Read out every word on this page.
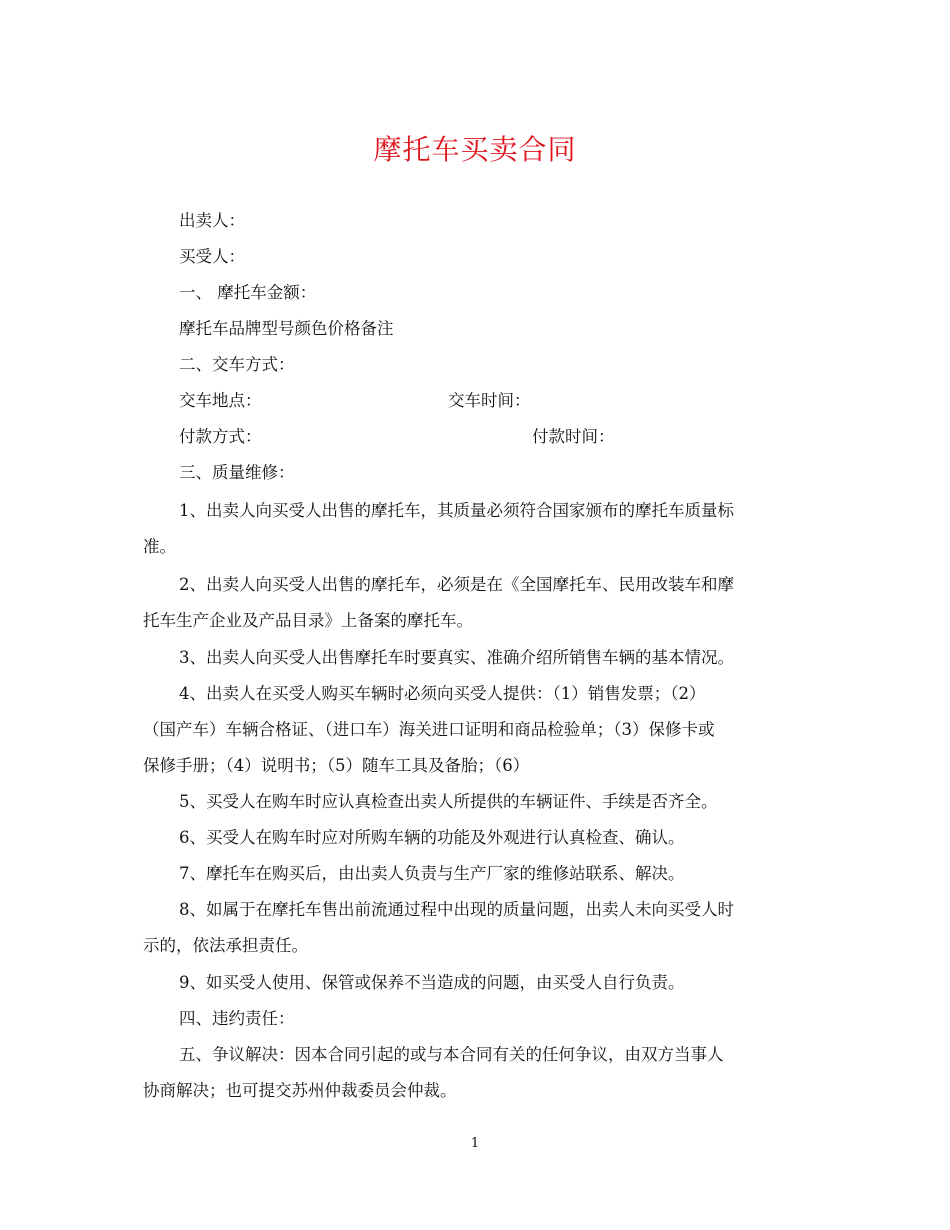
摩托车买卖合同
出卖人：
买受人：
一、 摩托车金额：
摩托车品牌型号颜色价格备注
二、交车方式：
交车地点：	交车时间：
付款方式：	付款时间：
三、质量维修：
1、出卖人向买受人出售的摩托车，其质量必须符合国家颁布的摩托车质量标
准。
2、出卖人向买受人出售的摩托车，必须是在《全国摩托车、民用改装车和摩
托车生产企业及产品目录》上备案的摩托车。
3、出卖人向买受人出售摩托车时要真实、准确介绍所销售车辆的基本情况。
4、出卖人在买受人购买车辆时必须向买受人提供：（1）销售发票；（2）
（国产车）车辆合格证、（进口车）海关进口证明和商品检验单；（3）保修卡或
保修手册；（4）说明书；（5）随车工具及备胎；（6）
5、买受人在购车时应认真检查出卖人所提供的车辆证件、手续是否齐全。
6、买受人在购车时应对所购车辆的功能及外观进行认真检查、确认。
7、摩托车在购买后，由出卖人负责与生产厂家的维修站联系、解决。
8、如属于在摩托车售出前流通过程中出现的质量问题，出卖人未向买受人时
示的，依法承担责任。
9、如买受人使用、保管或保养不当造成的问题，由买受人自行负责。
四、违约责任：
五、争议解决：因本合同引起的或与本合同有关的任何争议，由双方当事人
协商解决；也可提交苏州仲裁委员会仲裁。
1
